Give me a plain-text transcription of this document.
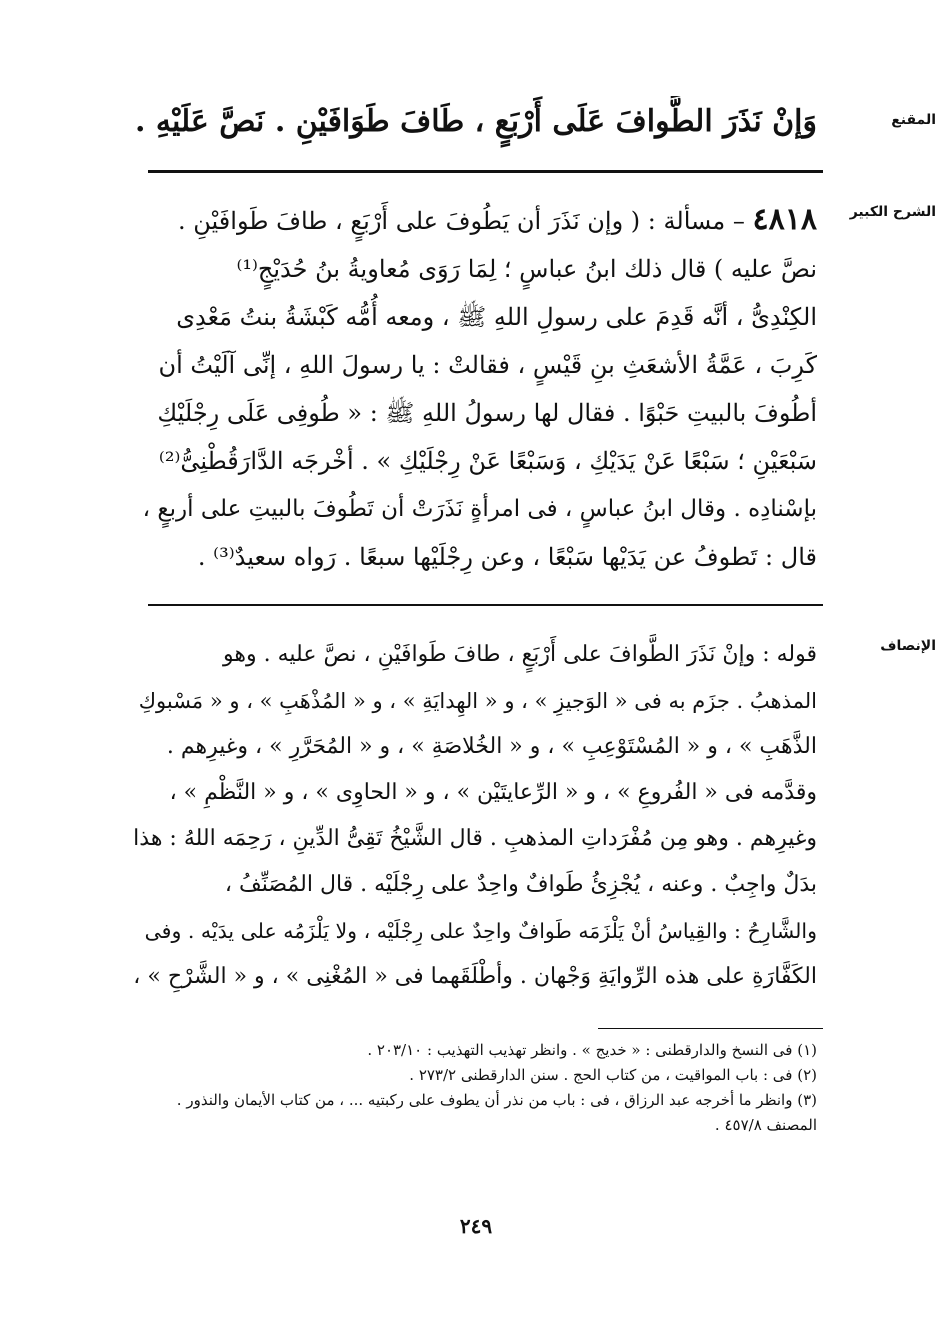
المقنع
وَإنْ نَذَرَ الطَّوافَ عَلَى أَرْبَعٍ ، طَافَ طَوَافَيْنِ . نَصَّ عَلَيْهِ .
الشرح الكبير
٤٨١٨ – مسألة : ( وإن نَذَرَ أن يَطُوفَ على أَرْبَعٍ ، طافَ طَوافَيْنِ .
نصَّ عليه ) قال ذلك ابنُ عباسٍ ؛ لِمَا رَوَى مُعاويةُ بنُ حُدَيْجٍ⁽¹⁾
الكِنْدِىُّ ، أنَّه قَدِمَ على رسولِ اللهِ ﷺ ، ومعه أُمُّه كَبْشَةُ بنتُ مَعْدِى
كَرِبَ ، عَمَّةُ الأشعَثِ بنِ قَيْسٍ ، فقالتْ : يا رسولَ اللهِ ، إنِّى آلَيْتُ أن
أطُوفَ بالبيتِ حَبْوًا . فقال لها رسولُ اللهِ ﷺ : « طُوفِى عَلَى رِجْلَيْكِ
سَبْعَيْنِ ؛ سَبْعًا عَنْ يَدَيْكِ ، وَسَبْعًا عَنْ رِجْلَيْكِ » . أخْرجَه الدَّارَقُطْنِىُّ⁽²⁾
بإسْنادِه . وقال ابنُ عباسٍ ، فى امرأةٍ نَذَرَتْ أن تَطُوفَ بالبيتِ على أربعٍ ،
قال : تَطوفُ عن يَدَيْها سَبْعًا ، وعن رِجْلَيْها سبعًا . رَواه سعيدٌ⁽³⁾ .
الإنصاف
قوله : وإنْ نَذَرَ الطَّوافَ على أَرْبَعٍ ، طافَ طَوافَيْنِ ، نصَّ عليه . وهو
المذهبُ . جزَم به فى « الوَجيزِ » ، و « الهِدايَةِ » ، و « المُذْهَبِ » ، و « مَسْبوكِ
الذَّهَبِ » ، و « المُسْتَوْعِبِ » ، و « الخُلاصَةِ » ، و « المُحَرَّرِ » ، وغيرِهم .
وقدَّمه فى « الفُروعِ » ، و « الرِّعايتَيْن » ، و « الحاوِى » ، و « النَّظْمِ » ،
وغيرِهم . وهو مِن مُفْرَداتِ المذهبِ . قال الشَّيْخُ تَقِىُّ الدِّينِ ، رَحِمَه اللهُ : هذا
بدَلٌ واجِبٌ . وعنه ، يُجْزِئُ طَوافٌ واحِدٌ على رِجْلَيْه . قال المُصَنِّفُ ،
والشَّارِحُ : والقِياسُ أنْ يَلْزَمَه طَوافٌ واحِدٌ على رِجْلَيْه ، ولا يَلْزَمُه على يدَيْه . وفى
الكَفَّارَةِ على هذه الرِّوايَةِ وَجْهان . وأطْلَقَهما فى « المُغْنِى » ، و « الشَّرْحِ » ،
(١) فى النسخ والدارقطنى : « خديج » . وانظر تهذيب التهذيب : ٢٠٣/١٠ .
(٢) فى : باب المواقيت ، من كتاب الحج . سنن الدارقطنى ٢٧٣/٢ .
(٣) وانظر ما أخرجه عبد الرزاق ، فى : باب من نذر أن يطوف على ركبتيه ... ، من كتاب الأيمان والنذور .
المصنف ٤٥٧/٨ .
٢٤٩
